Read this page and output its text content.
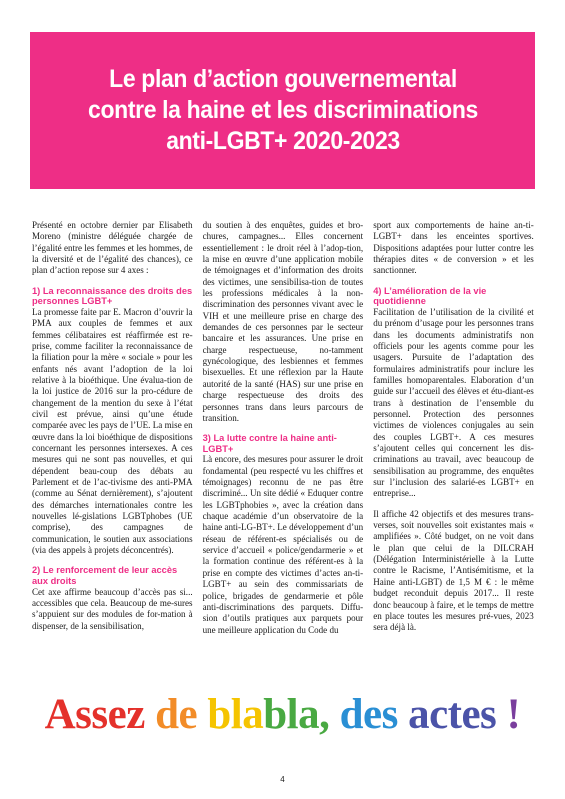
Le plan d’action gouvernemental
contre la haine et les discriminations
anti-LGBT+ 2020-2023

Présenté en octobre dernier par Elisabeth Moreno (ministre déléguée chargée de l’égalité entre les femmes et les hommes, de la diversité et de l’égalité des chances), ce plan d’action repose sur 4 axes :

1) La reconnaissance des droits des personnes LGBT+

La promesse faite par E. Macron d’ouvrir la PMA aux couples de femmes et aux femmes célibataires est réaffirmée est re-prise, comme faciliter la reconnaissance de la filiation pour la mère « sociale » pour les enfants nés avant l’adoption de la loi relative à la bioéthique. Une évalua-tion de la loi justice de 2016 sur la pro-cédure de changement de la mention du sexe à l’état civil est prévue, ainsi qu’une étude comparée avec les pays de l’UE. La mise en œuvre dans la loi bioéthique de dispositions concernant les personnes intersexes. A ces mesures qui ne sont pas nouvelles, et qui dépendent beau-coup des débats au Parlement et de l’ac-tivisme des anti-PMA (comme au Sénat dernièrement), s’ajoutent des démarches internationales contre les nouvelles lé-gislations LGBTphobes (UE comprise), des campagnes de communication, le soutien aux associations (via des appels à projets déconcentrés).

2) Le renforcement de leur accès aux droits

Cet axe affirme beaucoup d’accès pas si... accessibles que cela. Beaucoup de me-sures s’appuient sur des modules de for-mation à dispenser, de la sensibilisation,

du soutien à des enquêtes, guides et bro-chures, campagnes... Elles concernent essentiellement : le droit réel à l’adop-tion, la mise en œuvre d’une application mobile de témoignages et d’information des droits des victimes, une sensibilisa-tion de toutes les professions médicales à la non-discrimination des personnes vivant avec le VIH et une meilleure prise en charge des demandes de ces personnes par le secteur bancaire et les assurances. Une prise en charge respectueuse, no-tamment gynécologique, des lesbiennes et femmes bisexuelles. Et une réflexion par la Haute autorité de la santé (HAS) sur une prise en charge respectueuse des droits des personnes trans dans leurs parcours de transition.

3) La lutte contre la haine anti-LGBT+

Là encore, des mesures pour assurer le droit fondamental (peu respecté vu les chiffres et témoignages) reconnu de ne pas être discriminé... Un site dédié « Eduquer contre les LGBTphobies », avec la création dans chaque académie d’un observatoire de la haine anti-LG-BT+. Le développement d’un réseau de référent-es spécialisés ou de service d’accueil « police/gendarmerie » et la formation continue des référent-es à la prise en compte des victimes d’actes an-ti-LGBT+ au sein des commissariats de police, brigades de gendarmerie et pôle anti-discriminations des parquets. Diffu-sion d’outils pratiques aux parquets pour une meilleure application du Code du

sport aux comportements de haine an-ti-LGBT+ dans les enceintes sportives. Dispositions adaptées pour lutter contre les thérapies dites « de conversion » et les sanctionner.

4) L’amélioration de la vie quotidienne

Facilitation de l’utilisation de la civilité et du prénom d’usage pour les personnes trans dans les documents administratifs non officiels pour les agents comme pour les usagers. Pursuite de l’adaptation des formulaires administratifs pour inclure les familles homoparentales. Elaboration d’un guide sur l’accueil des élèves et étu-diant-es trans à destination de l’ensemble du personnel. Protection des personnes victimes de violences conjugales au sein des couples LGBT+. A ces mesures s’ajoutent celles qui concernent les dis-criminations au travail, avec beaucoup de sensibilisation au programme, des enquêtes sur l’inclusion des salarié-es LGBT+ en entreprise...

Il affiche 42 objectifs et des mesures trans-verses, soit nouvelles soit existantes mais « amplifiées ». Côté budget, on ne voit dans le plan que celui de la DILCRAH (Délégation Interministérielle à la Lutte contre le Racisme, l’Antisémitisme, et la Haine anti-LGBT) de 1,5 M € : le même budget reconduit depuis 2017... Il reste donc beaucoup à faire, et le temps de mettre en place toutes les mesures pré-vues, 2023 sera déjà là.

Assez de blabla, des actes !
4
